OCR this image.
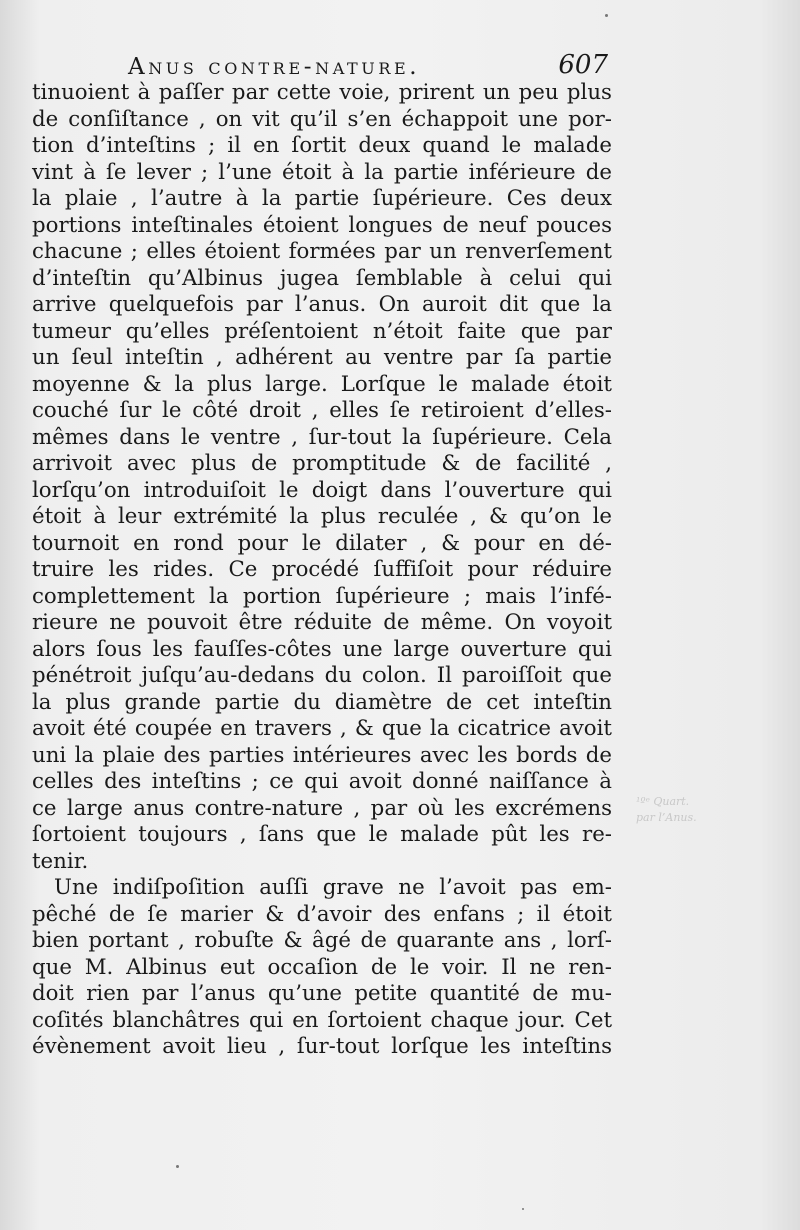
Anus contre-nature.	607
tinuoient à paſſer par cette voie, prirent un peu plus
de conſiſtance , on vit qu’il s’en échappoit une por-
tion d’inteſtins ; il en ſortit deux quand le malade
vint à ſe lever ; l’une étoit à la partie inférieure de
la plaie , l’autre à la partie ſupérieure. Ces deux
portions inteſtinales étoient longues de neuf pouces
chacune ; elles étoient formées par un renverſement
d’inteſtin qu’Albinus jugea ſemblable à celui qui
arrive quelquefois par l’anus. On auroit dit que la
tumeur qu’elles préſentoient n’étoit faite que par
un ſeul inteſtin , adhérent au ventre par ſa partie
moyenne & la plus large. Lorſque le malade étoit
couché ſur le côté droit , elles ſe retiroient d’elles-
mêmes dans le ventre , ſur-tout la ſupérieure. Cela
arrivoit avec plus de promptitude & de facilité ,
lorſqu’on introduiſoit le doigt dans l’ouverture qui
étoit à leur extrémité la plus reculée , & qu’on le
tournoit en rond pour le dilater , & pour en dé-
truire les rides. Ce procédé ſuffiſoit pour réduire
complettement la portion ſupérieure ; mais l’infé-
rieure ne pouvoit être réduite de même. On voyoit
alors ſous les fauſſes-côtes une large ouverture qui
pénétroit juſqu’au-dedans du colon. Il paroiſſoit que
la plus grande partie du diamètre de cet inteſtin
avoit été coupée en travers , & que la cicatrice avoit
uni la plaie des parties intérieures avec les bords de
celles des inteſtins ; ce qui avoit donné naiſſance à
ce large anus contre-nature , par où les excrémens
ſortoient toujours , ſans que le malade pût les re-
tenir.
Une indiſpoſition auſſi grave ne l’avoit pas em-
pêché de ſe marier & d’avoir des enfans ; il étoit
bien portant , robuſte & âgé de quarante ans , lorſ-
que M. Albinus eut occaſion de le voir. Il ne ren-
doit rien par l’anus qu’une petite quantité de mu-
coſités blanchâtres qui en ſortoient chaque jour. Cet
évènement avoit lieu , ſur-tout lorſque les inteſtins
¹ºᵉ Quart.
par l’Anus.
